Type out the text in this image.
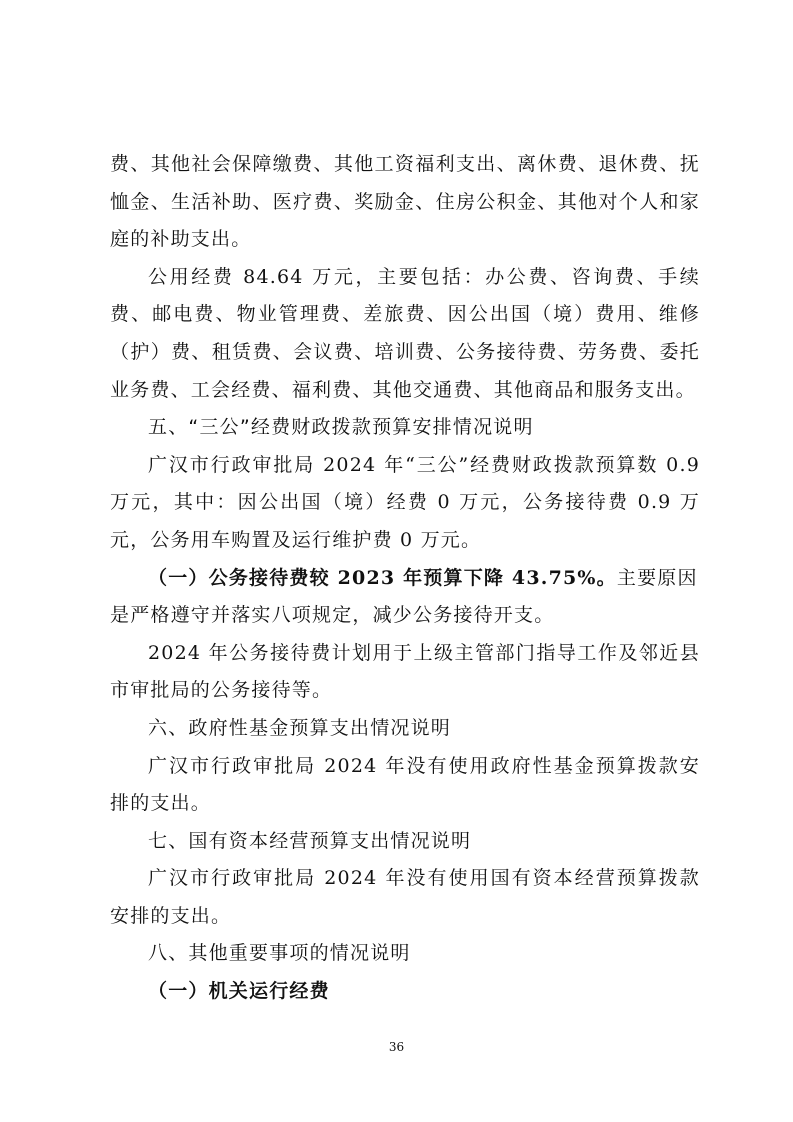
费、其他社会保障缴费、其他工资福利支出、离休费、退休费、抚恤金、生活补助、医疗费、奖励金、住房公积金、其他对个人和家庭的补助支出。

公用经费 84.64 万元，主要包括：办公费、咨询费、手续费、邮电费、物业管理费、差旅费、因公出国（境）费用、维修（护）费、租赁费、会议费、培训费、公务接待费、劳务费、委托业务费、工会经费、福利费、其他交通费、其他商品和服务支出。

五、“三公”经费财政拨款预算安排情况说明

广汉市行政审批局 2024 年“三公”经费财政拨款预算数 0.9 万元，其中：因公出国（境）经费 0 万元，公务接待费 0.9 万元，公务用车购置及运行维护费 0 万元。

（一）公务接待费较 2023 年预算下降 43.75%。主要原因是严格遵守并落实八项规定，减少公务接待开支。

2024 年公务接待费计划用于上级主管部门指导工作及邻近县市审批局的公务接待等。

六、政府性基金预算支出情况说明

广汉市行政审批局 2024 年没有使用政府性基金预算拨款安排的支出。

七、国有资本经营预算支出情况说明

广汉市行政审批局 2024 年没有使用国有资本经营预算拨款安排的支出。

八、其他重要事项的情况说明

（一）机关运行经费

36
